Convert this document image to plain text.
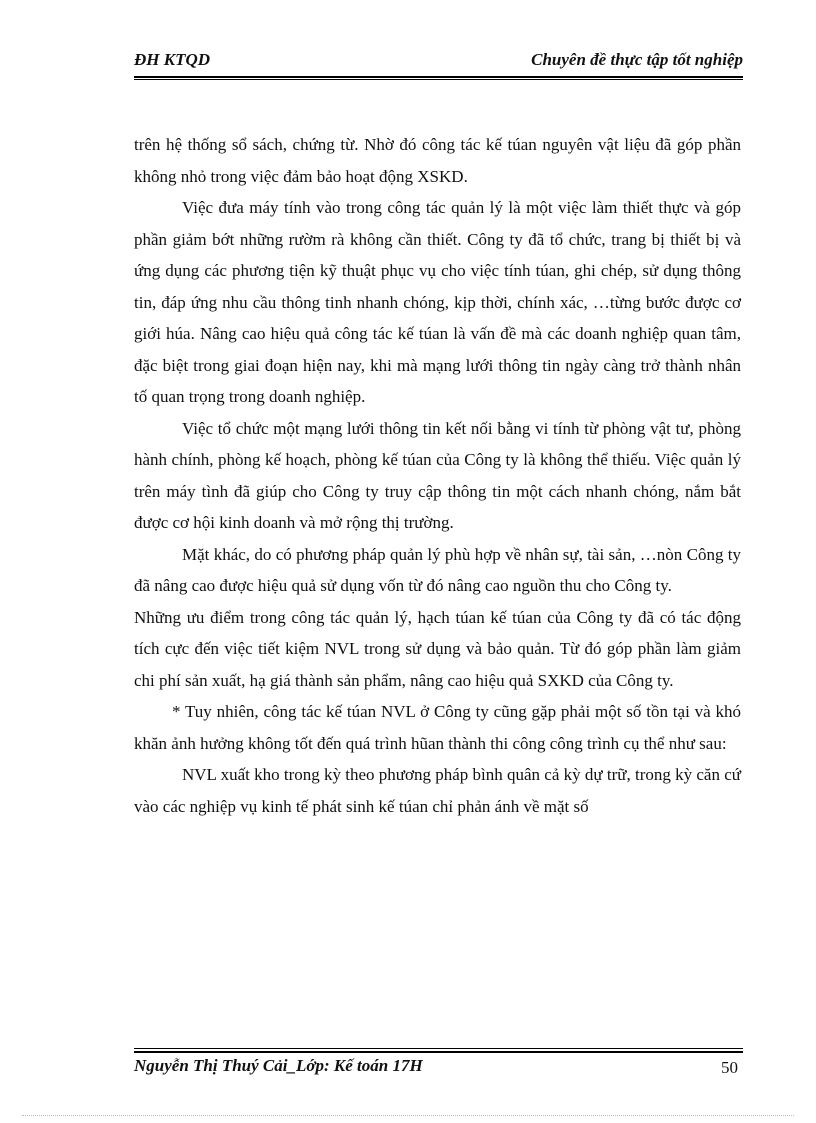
ĐH KTQD	Chuyên đề thực tập tốt nghiệp

trên hệ thống sổ sách, chứng từ. Nhờ đó công tác kế túan nguyên vật liệu đã góp phần không nhỏ trong việc đảm bảo hoạt động XSKD.

Việc đưa máy tính vào trong công tác quản lý là một việc làm thiết thực và góp phần giảm bớt những rườm rà không cần thiết. Công ty đã tổ chức, trang bị thiết bị và ứng dụng các phương tiện kỹ thuật phục vụ cho việc tính túan, ghi chép, sử dụng thông tin, đáp ứng nhu cầu thông tinh nhanh chóng, kịp thời, chính xác, …từng bước được cơ giới húa. Nâng cao hiệu quả công tác kế túan là vấn đề mà các doanh nghiệp quan tâm, đặc biệt trong giai đoạn hiện nay, khi mà mạng lưới thông tin ngày càng trở thành nhân tố quan trọng trong doanh nghiệp.

Việc tổ chức một mạng lưới thông tin kết nối bằng vi tính từ phòng vật tư, phòng hành chính, phòng kế hoạch, phòng kế túan của Công ty là không thể thiếu. Việc quản lý trên máy tình đã giúp cho Công ty truy cập thông tin một cách nhanh chóng, nắm bắt được cơ hội kinh doanh và mở rộng thị trường.

Mặt khác, do có phương pháp quản lý phù hợp về nhân sự, tài sản, …nòn Công ty đã nâng cao được hiệu quả sử dụng vốn từ đó nâng cao nguồn thu cho Công ty.

Những ưu điểm trong công tác quản lý, hạch túan kế túan của Công ty đã có tác động tích cực đến việc tiết kiệm NVL trong sử dụng và bảo quản. Từ đó góp phần làm giảm chi phí sản xuất, hạ giá thành sản phẩm, nâng cao hiệu quả SXKD của Công ty.

* Tuy nhiên, công tác kế túan NVL ở Công ty cũng gặp phải một số tồn tại và khó khăn ảnh hưởng không tốt đến quá trình hũan thành thi công công trình cụ thể như sau:

NVL xuất kho trong kỳ theo phương pháp bình quân cả kỳ dự trữ, trong kỳ căn cứ vào các nghiệp vụ kinh tế phát sinh kế túan chỉ phản ánh về mặt số

Nguyễn Thị Thuý Cải_Lớp: Kế toán 17H	50
